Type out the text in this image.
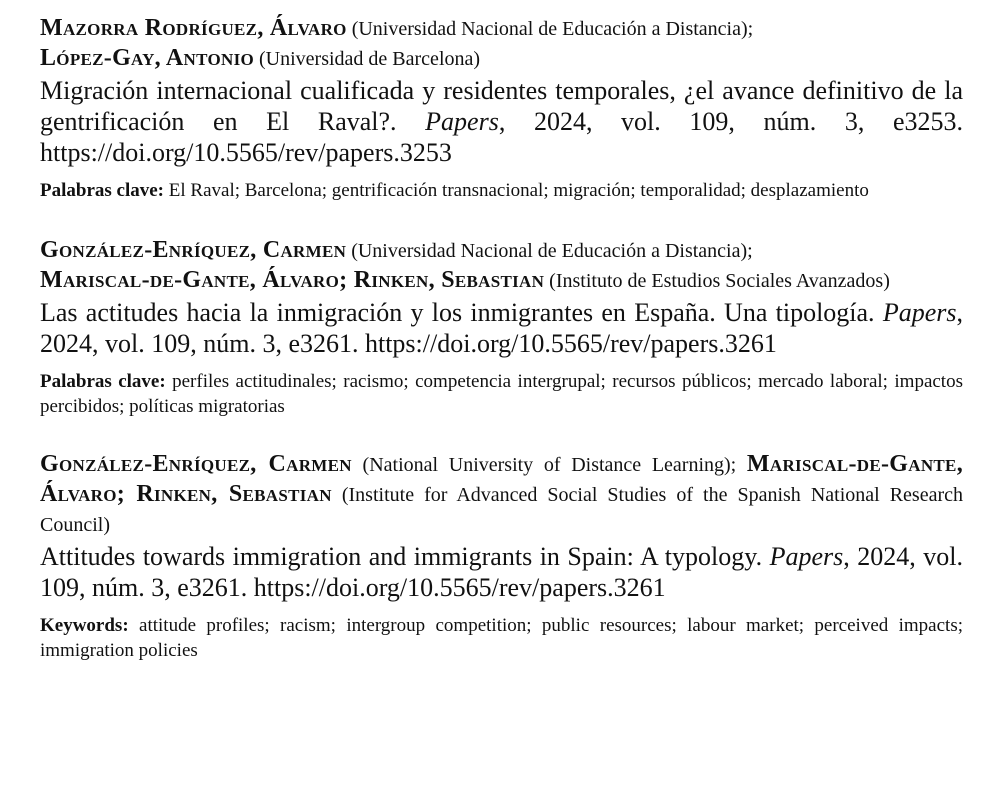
Mazorra Rodríguez, Álvaro (Universidad Nacional de Educación a Distancia);
López-Gay, Antonio (Universidad de Barcelona)
Migración internacional cualificada y residentes temporales, ¿el avance definitivo de la gentrificación en El Raval?. Papers, 2024, vol. 109, núm. 3, e3253. https://doi.org/10.5565/rev/papers.3253
Palabras clave: El Raval; Barcelona; gentrificación transnacional; migración; temporalidad; desplazamiento
González-Enríquez, Carmen (Universidad Nacional de Educación a Distancia);
Mariscal-de-Gante, Álvaro; Rinken, Sebastian (Instituto de Estudios Sociales Avanzados)
Las actitudes hacia la inmigración y los inmigrantes en España. Una tipología. Papers, 2024, vol. 109, núm. 3, e3261. https://doi.org/10.5565/rev/​papers.3261
Palabras clave: perfiles actitudinales; racismo; competencia intergrupal; recursos públicos; mercado laboral; impactos percibidos; políticas migratorias
González-Enríquez, Carmen (National University of Distance Learning); Mariscal-de-Gante, Álvaro; Rinken, Sebastian (Institute for Advanced Social Studies of the Spanish National Research Council)
Attitudes towards immigration and immigrants in Spain: A typology. Papers, 2024, vol. 109, núm. 3, e3261. https://doi.org/10.5565/rev/papers.3261
Keywords: attitude profiles; racism; intergroup competition; public resources; labour market; perceived impacts; immigration policies
